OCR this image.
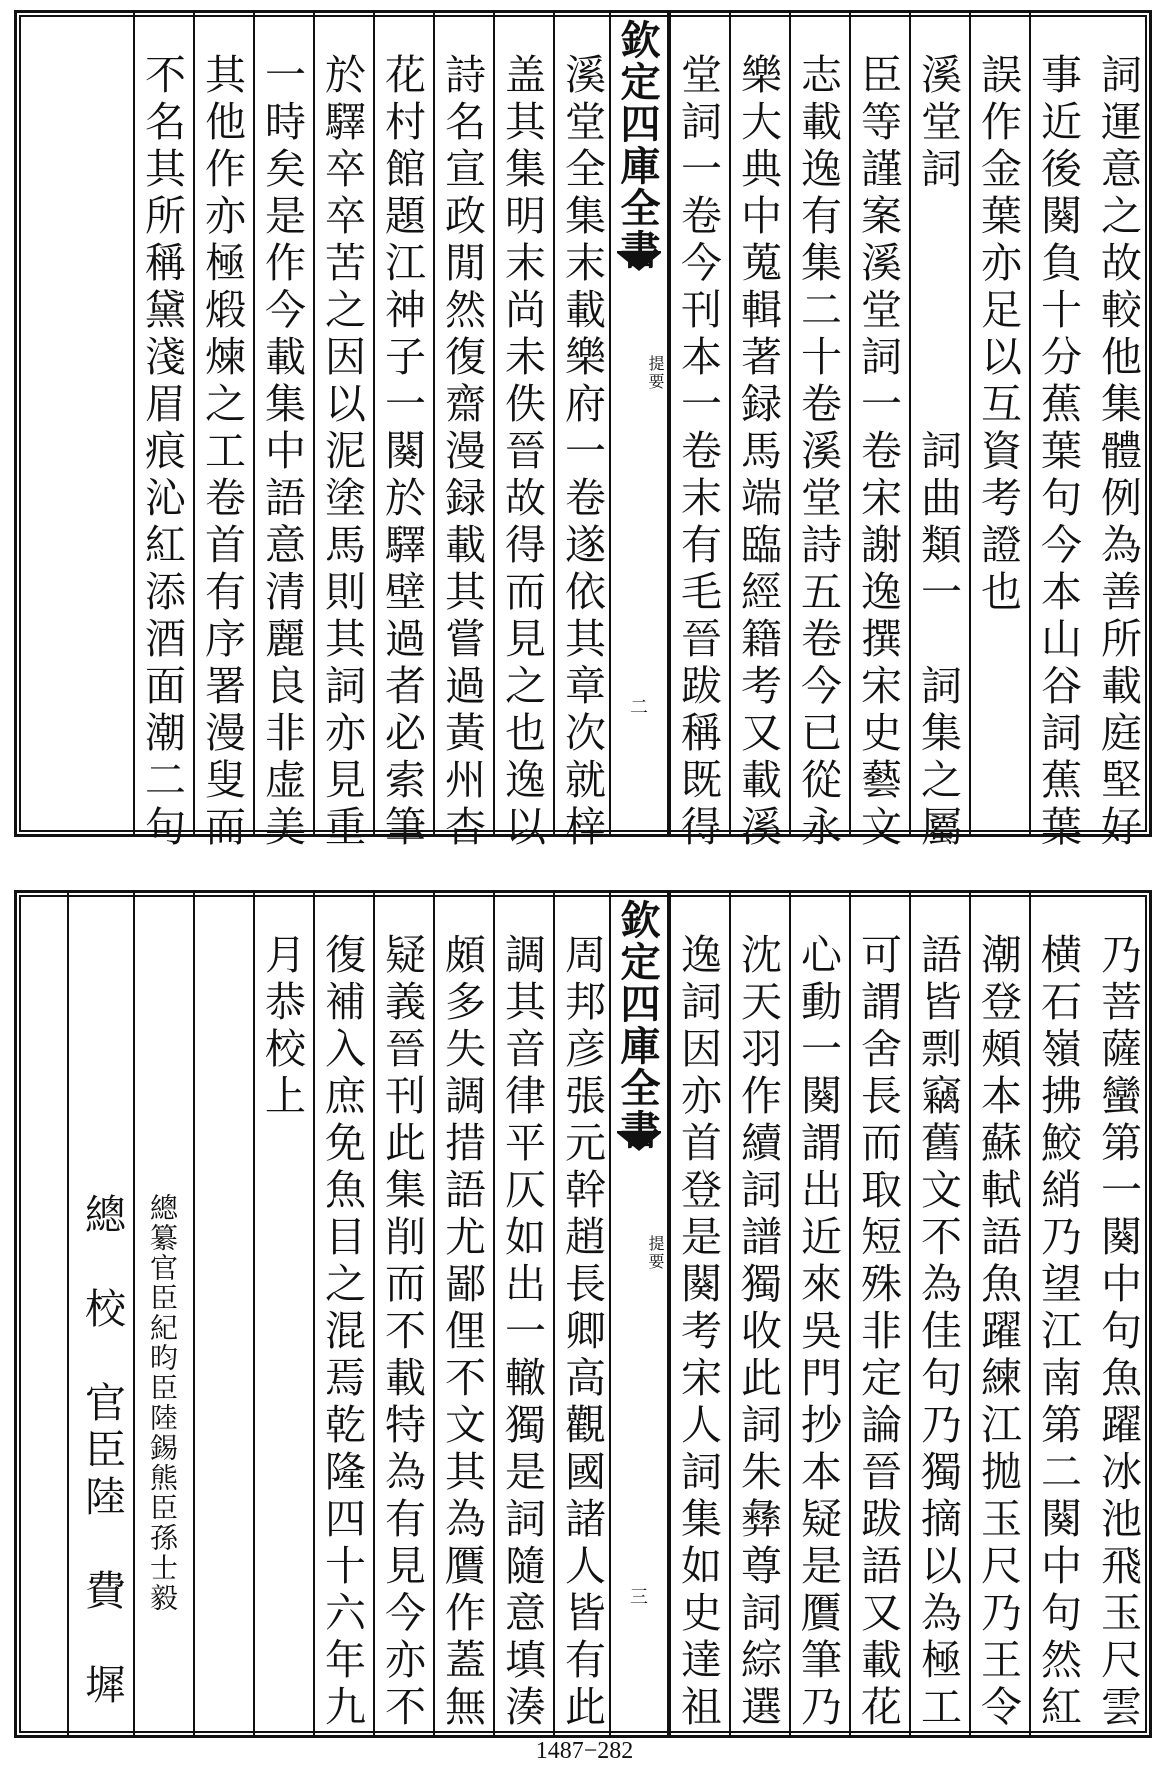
詞運意之故較他集體例為善所載庭堅好
事近後闋負十分蕉葉句今本山谷詞蕉葉
誤作金葉亦足以互資考證也
溪堂詞　　　　　詞曲類一　詞集之屬
臣等謹案溪堂詞一卷宋謝逸撰宋史藝文
志載逸有集二十卷溪堂詩五卷今已從永
樂大典中蒐輯著録馬端臨經籍考又載溪
堂詞一卷今刊本一卷末有毛晉跋稱既得
欽定四庫全書
提要
二
溪堂全集末載樂府一卷遂依其章次就梓
盖其集明末尚未佚晉故得而見之也逸以
詩名宣政閒然復齋漫録載其嘗過黃州杏
花村館題江神子一闋於驛壁過者必索筆
於驛卒卒苦之因以泥塗馬則其詞亦見重
一時矣是作今載集中語意清麗良非虚美
其他作亦極煅煉之工卷首有序署漫叟而
不名其所稱黛淺眉痕沁紅添酒面潮二句
乃菩薩蠻第一闋中句魚躍冰池飛玉尺雲
横石嶺拂鮫綃乃望江南第二闋中句然紅
潮登頰本蘇軾語魚躍練江拋玉尺乃王令
語皆剽竊舊文不為佳句乃獨摘以為極工
可謂舍長而取短殊非定論晉跋語又載花
心動一闋謂出近來吳門抄本疑是贋筆乃
沈天羽作續詞譜獨收此詞朱彝尊詞綜選
逸詞因亦首登是闋考宋人詞集如史達祖
欽定四庫全書
提要
三
周邦彦張元幹趙長卿高觀國諸人皆有此
調其音律平仄如出一轍獨是詞隨意填湊
頗多失調措語尤鄙俚不文其為贋作蓋無
疑義晉刊此集削而不載特為有見今亦不
復補入庶免魚目之混焉乾隆四十六年九
月恭校上
總纂官臣紀昀臣陸錫熊臣孫士毅
總　校　官臣陸　費　墀
1487−282
